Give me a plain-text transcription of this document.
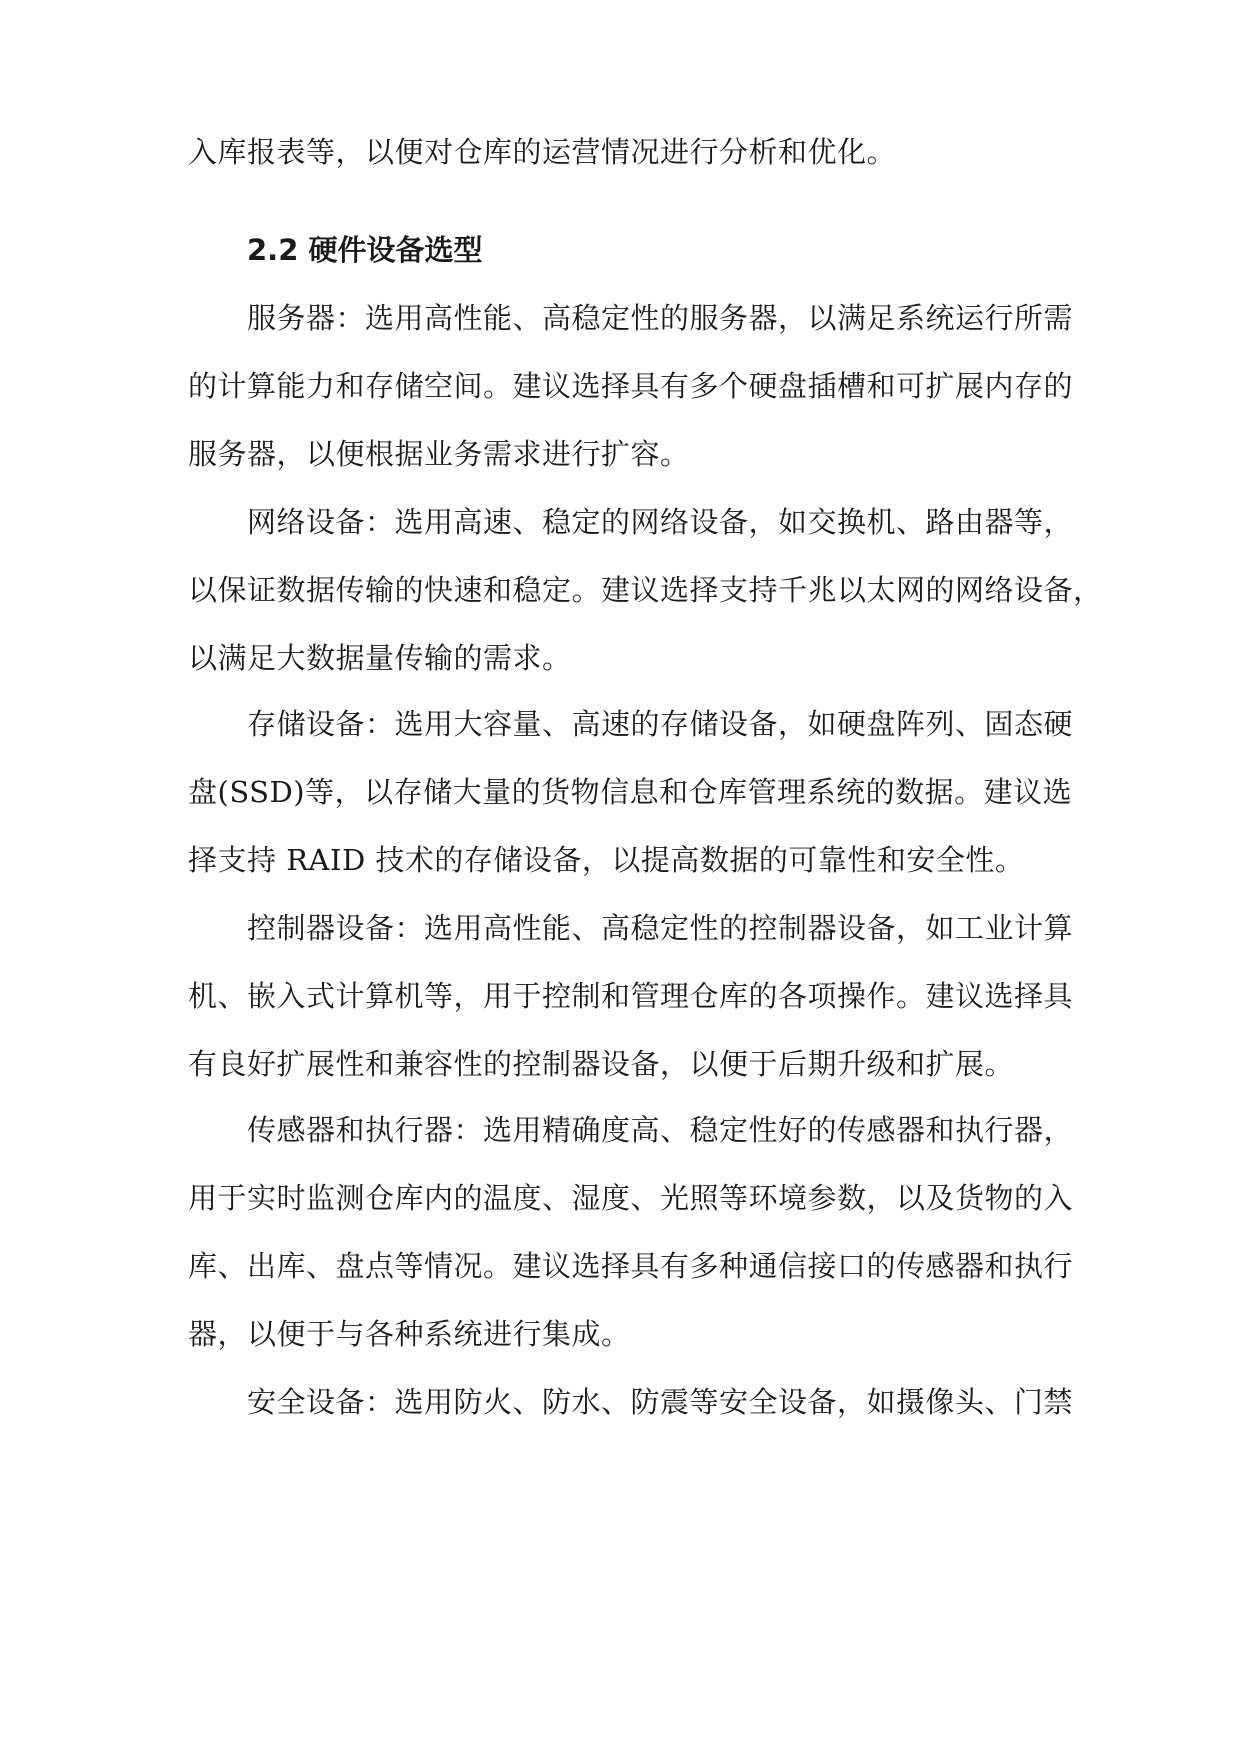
入库报表等，以便对仓库的运营情况进行分析和优化。
2.2 硬件设备选型
服务器：选用高性能、高稳定性的服务器，以满足系统运行所需
的计算能力和存储空间。建议选择具有多个硬盘插槽和可扩展内存的
服务器，以便根据业务需求进行扩容。
网络设备：选用高速、稳定的网络设备，如交换机、路由器等，
以保证数据传输的快速和稳定。建议选择支持千兆以太网的网络设备，
以满足大数据量传输的需求。
存储设备：选用大容量、高速的存储设备，如硬盘阵列、固态硬
盘(SSD)等，以存储大量的货物信息和仓库管理系统的数据。建议选
择支持 RAID 技术的存储设备，以提高数据的可靠性和安全性。
控制器设备：选用高性能、高稳定性的控制器设备，如工业计算
机、嵌入式计算机等，用于控制和管理仓库的各项操作。建议选择具
有良好扩展性和兼容性的控制器设备，以便于后期升级和扩展。
传感器和执行器：选用精确度高、稳定性好的传感器和执行器，
用于实时监测仓库内的温度、湿度、光照等环境参数，以及货物的入
库、出库、盘点等情况。建议选择具有多种通信接口的传感器和执行
器，以便于与各种系统进行集成。
安全设备：选用防火、防水、防震等安全设备，如摄像头、门禁
